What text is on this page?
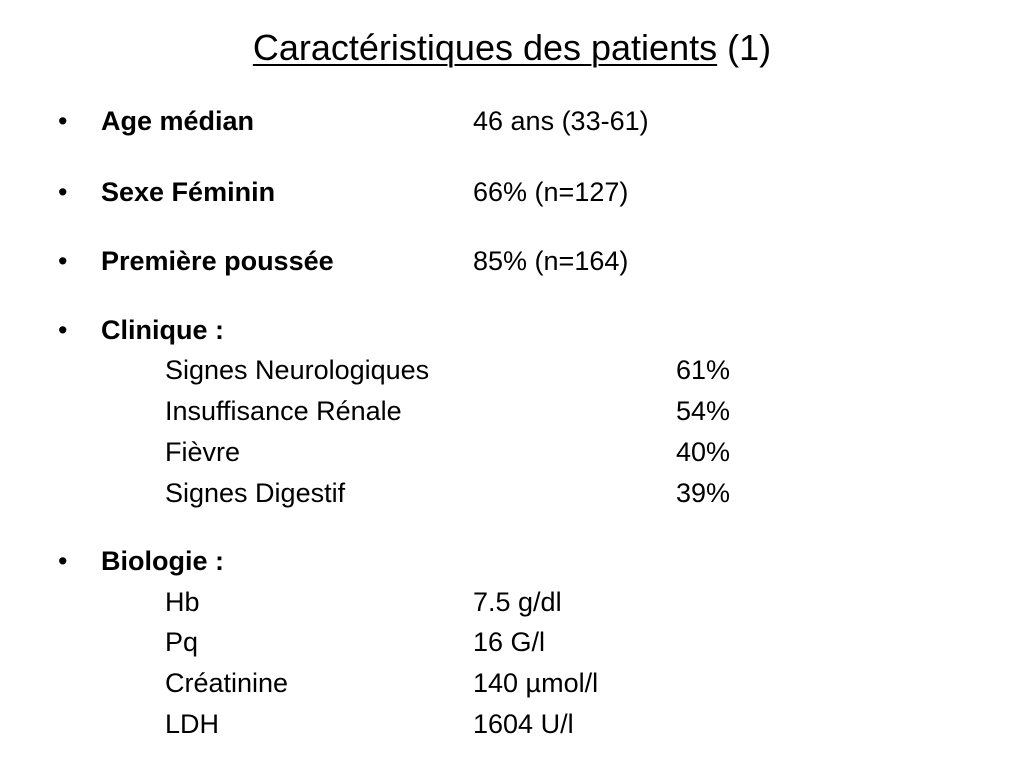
Caractéristiques des patients (1)
• Age médian	46 ans (33-61)
• Sexe Féminin	66% (n=127)
• Première poussée	85% (n=164)
• Clinique :
Signes Neurologiques	61%
Insuffisance Rénale	54%
Fièvre	40%
Signes Digestif	39%
• Biologie :
Hb	7.5 g/dl
Pq	16 G/l
Créatinine	140 µmol/l
LDH	1604 U/l
